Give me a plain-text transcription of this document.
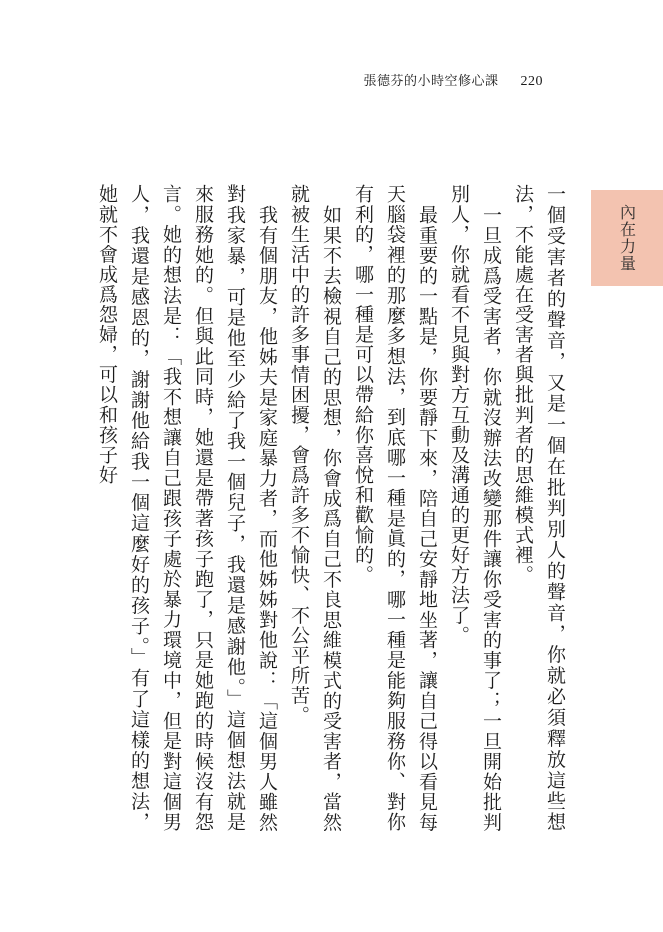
張德芬的小時空修心課 220
內在力量

一個受害者的聲音，又是一個在批判別人的聲音，你就必須釋放這些想法，不能處在受害者與批判者的思維模式裡。

一旦成爲受害者，你就沒辦法改變那件讓你受害的事了；一旦開始批判別人，你就看不見與對方互動及溝通的更好方法了。

最重要的一點是，你要靜下來，陪自己安靜地坐著，讓自己得以看見每天腦袋裡的那麼多想法，到底哪一種是眞的，哪一種是能夠服務你、對你有利的，哪一種是可以帶給你喜悅和歡愉的。

如果不去檢視自己的思想，你會成爲自己不良思維模式的受害者，當然就被生活中的許多事情困擾，會爲許多不愉快、不公平所苦。

我有個朋友，他姊夫是家庭暴力者，而他姊姊對他說：「這個男人雖然對我家暴，可是他至少給了我一個兒子，我還是感謝他。」這個想法就是來服務她的。但與此同時，她還是帶著孩子跑了，只是她跑的時候沒有怨言。她的想法是：「我不想讓自己跟孩子處於暴力環境中，但是對這個男人，我還是感恩的，謝謝他給我一個這麼好的孩子。」有了這樣的想法，她就不會成爲怨婦，可以和孩子好
